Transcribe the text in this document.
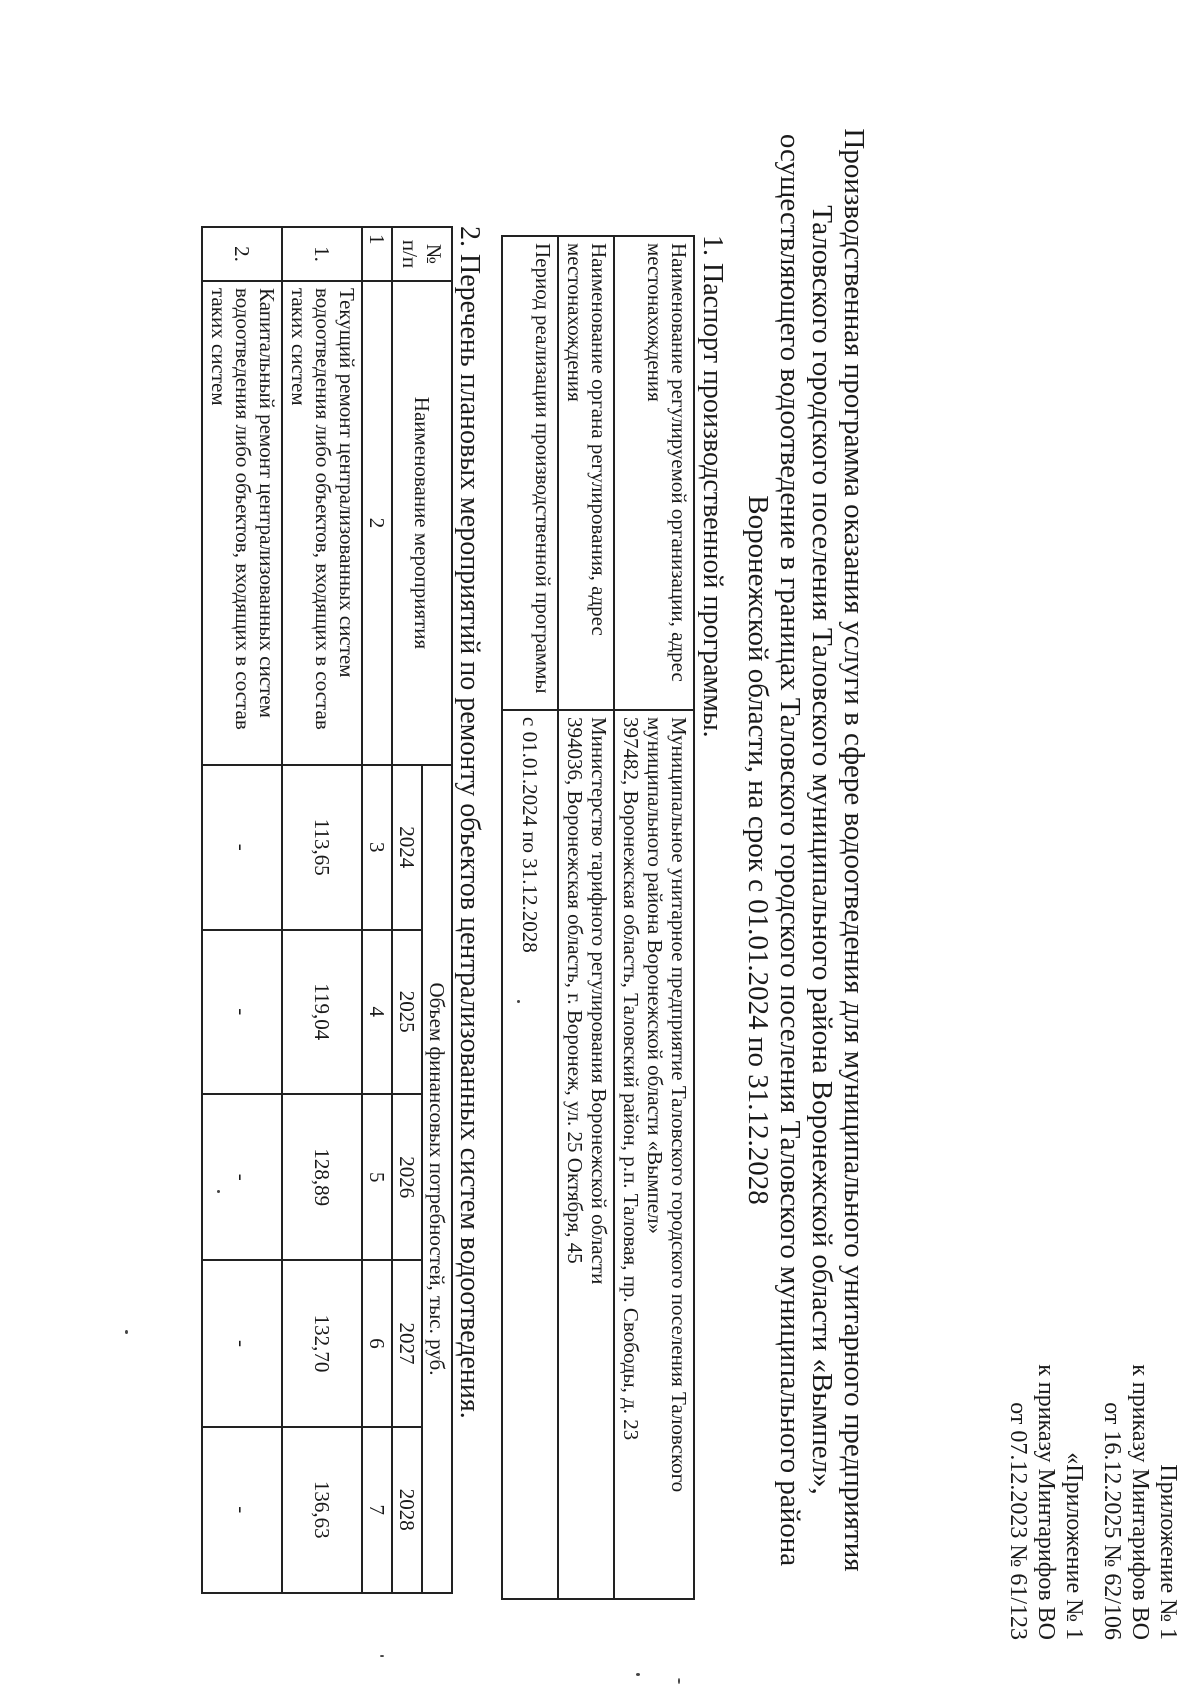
Приложение № 1
к приказу Минтарифов ВО
от 16.12.2025 № 62/106
«Приложение № 1
к приказу Минтарифов ВО
от 07.12.2023 № 61/123
Производственная программа оказания услуги в сфере водоотведения для муниципального унитарного предприятия
Таловского городского поселения Таловского муниципального района Воронежской области «Вымпел»,
осуществляющего водоотведение в границах Таловского городского поселения Таловского муниципального района
Воронежской области, на срок с 01.01.2024 по 31.12.2028
1. Паспорт производственной программы.
Наименование регулируемой организации, адрес местонахождения	Муниципальное унитарное предприятие Таловского городского поселения Таловского муниципального района Воронежской области «Вымпел»
397482, Воронежская область, Таловский район, р.п. Таловая, пр. Свободы, д. 23

Наименование органа регулирования, адрес местонахождения	Министерство тарифного регулирования Воронежской области
394036, Воронежская область, г. Воронеж, ул. 25 Октября, 45

Период реализации производственной программы	с 01.01.2024 по 31.12.2028
2. Перечень плановых мероприятий по ремонту объектов централизованных систем водоотведения.
№ п/п	Наименование мероприятия	Объем финансовых потребностей, тыс. руб.				
		2024	2025	2026	2027	2028
1	2	3	4	5	6	7
1.	Текущий ремонт централизованных систем водоотведения либо объектов, входящих в состав таких систем	113,65	119,04	128,89	132,70	136,63
2.	Капитальный ремонт централизованных систем водоотведения либо объектов, входящих в состав таких систем	-	-	-	-	-
